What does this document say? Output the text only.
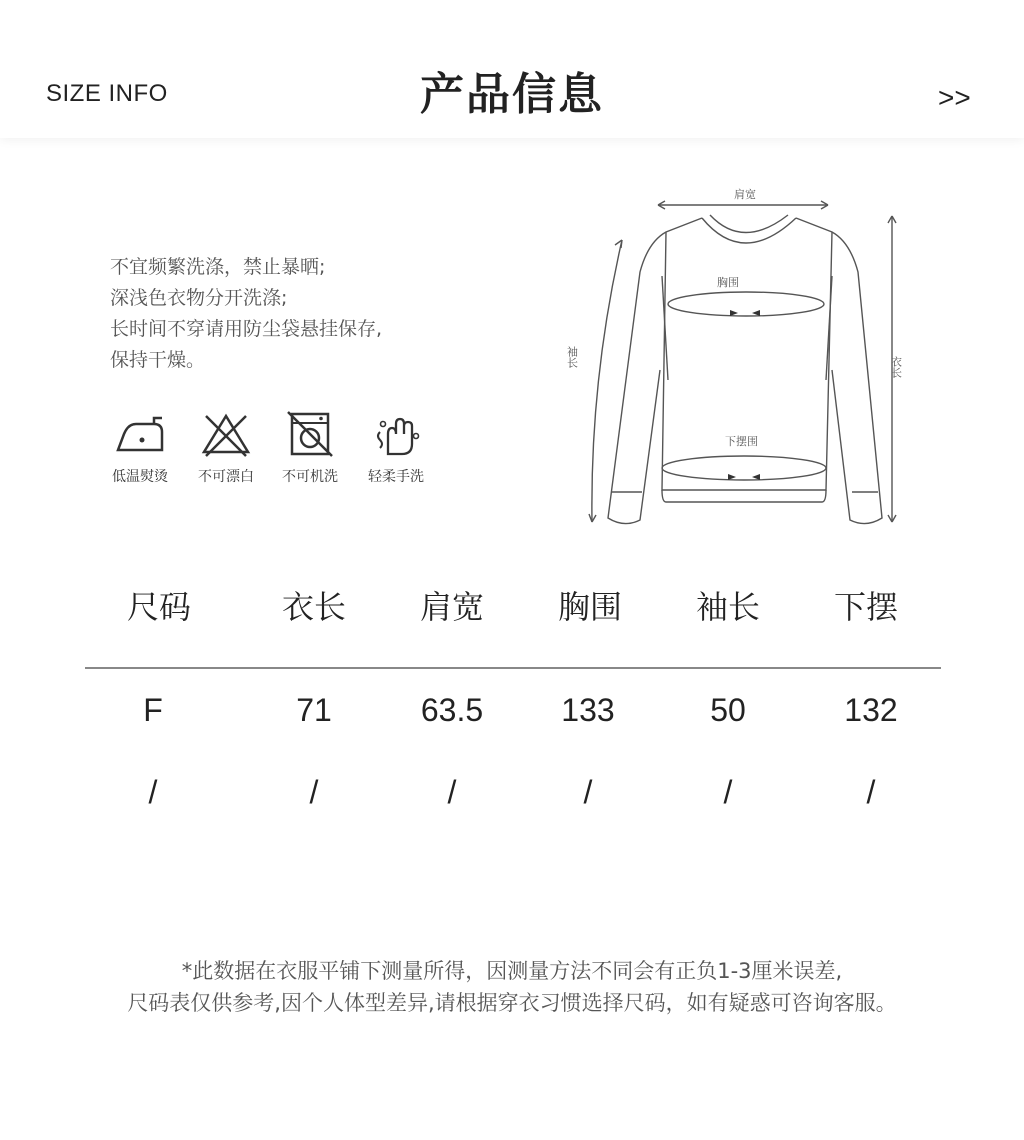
SIZE INFO	产品信息	>>
不宜频繁洗涤，禁止暴晒;
深浅色衣物分开洗涤;
长时间不穿请用防尘袋悬挂保存,
保持干燥。
低温熨烫	不可漂白	不可机洗	轻柔手洗
肩宽
胸围
下摆围
袖长	衣长
尺码	衣长 肩宽 胸围 袖长 下摆
F	71	63.5 133	50	132
/	/	/	/	/	/
*此数据在衣服平铺下测量所得，因测量方法不同会有正负1-3厘米误差,
尺码表仅供参考,因个人体型差异,请根据穿衣习惯选择尺码，如有疑惑可咨询客服。
